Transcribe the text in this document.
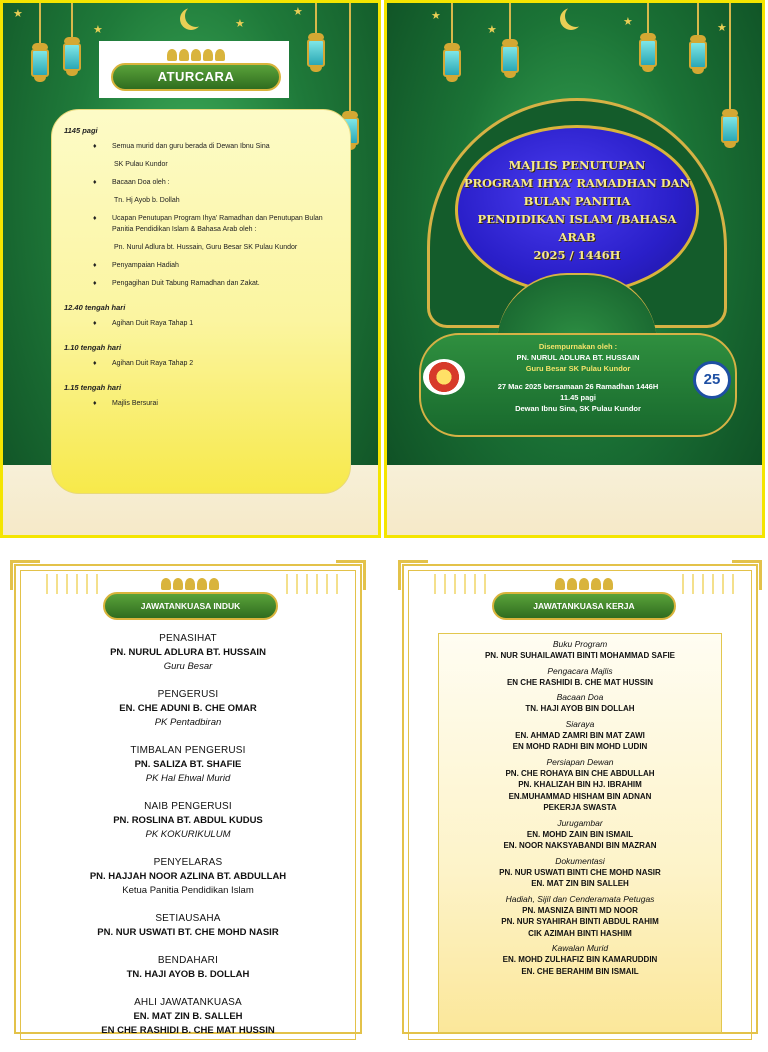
★
★	★
★
ATURCARA
1145 pagi
♦ Semua murid dan guru berada di Dewan Ibnu Sina
SK Pulau Kundor
♦ Bacaan Doa oleh :
Tn. Hj Ayob b. Dollah
♦ Ucapan Penutupan Program Ihya’ Ramadhan dan Penutupan Bulan Panitia Pendidikan Islam & Bahasa Arab oleh :
Pn. Nurul Adlura bt. Hussain, Guru Besar SK Pulau Kundor
♦ Penyampaian Hadiah
♦ Pengagihan Duit Tabung Ramadhan dan Zakat.
12.40 tengah hari
♦ Agihan Duit Raya Tahap 1
1.10 tengah hari
♦ Agihan Duit Raya Tahap 2
1.15 tengah hari
♦ Majlis Bersurai
★
★
★	★
MAJLIS PENUTUPAN
PROGRAM IHYA’ RAMADHAN DAN
BULAN PANITIA
PENDIDIKAN ISLAM /BAHASA ARAB
2025 / 1446H
Disempurnakan oleh :
PN. NURUL ADLURA BT. HUSSAIN
Guru Besar SK Pulau Kundor
27 Mac 2025 bersamaan 26 Ramadhan 1446H
11.45 pagi
Dewan Ibnu Sina, SK Pulau Kundor
25
JAWATANKUASA INDUK
PENASIHAT
PN. NURUL ADLURA BT. HUSSAIN
Guru Besar
PENGERUSI
EN. CHE ADUNI B. CHE OMAR
PK Pentadbiran
TIMBALAN PENGERUSI
PN. SALIZA BT. SHAFIE
PK Hal Ehwal Murid
NAIB PENGERUSI
PN. ROSLINA BT. ABDUL KUDUS
PK KOKURIKULUM
PENYELARAS
PN. HAJJAH NOOR AZLINA BT. ABDULLAH
Ketua Panitia Pendidikan Islam
SETIAUSAHA
PN. NUR USWATI BT. CHE MOHD NASIR
BENDAHARI
TN. HAJI AYOB B. DOLLAH
AHLI JAWATANKUASA
EN. MAT ZIN B. SALLEH
EN CHE RASHIDI B. CHE MAT HUSSIN
JAWATANKUASA KERJA
Buku Program
PN. NUR SUHAILAWATI BINTI MOHAMMAD SAFIE
Pengacara Majlis
EN CHE RASHIDI B. CHE MAT HUSSIN
Bacaan Doa
TN. HAJI AYOB BIN DOLLAH
Siaraya
EN. AHMAD ZAMRI BIN MAT ZAWI
EN MOHD RADHI BIN MOHD LUDIN
Persiapan Dewan
PN. CHE ROHAYA BIN CHE ABDULLAH
PN. KHALIZAH BIN HJ. IBRAHIM
EN.MUHAMMAD HISHAM BIN ADNAN
PEKERJA SWASTA
Jurugambar
EN. MOHD ZAIN BIN ISMAIL
EN. NOOR NAKSYABANDI BIN MAZRAN
Dokumentasi
PN. NUR USWATI BINTI CHE MOHD NASIR
EN. MAT ZIN BIN SALLEH
Hadiah, Sijil dan Cenderamata Petugas
PN. MASNIZA BINTI MD NOOR
PN. NUR SYAHIRAH BINTI ABDUL RAHIM
CIK AZIMAH BINTI HASHIM
Kawalan Murid
EN. MOHD ZULHAFIZ BIN KAMARUDDIN
EN. CHE BERAHIM BIN ISMAIL
